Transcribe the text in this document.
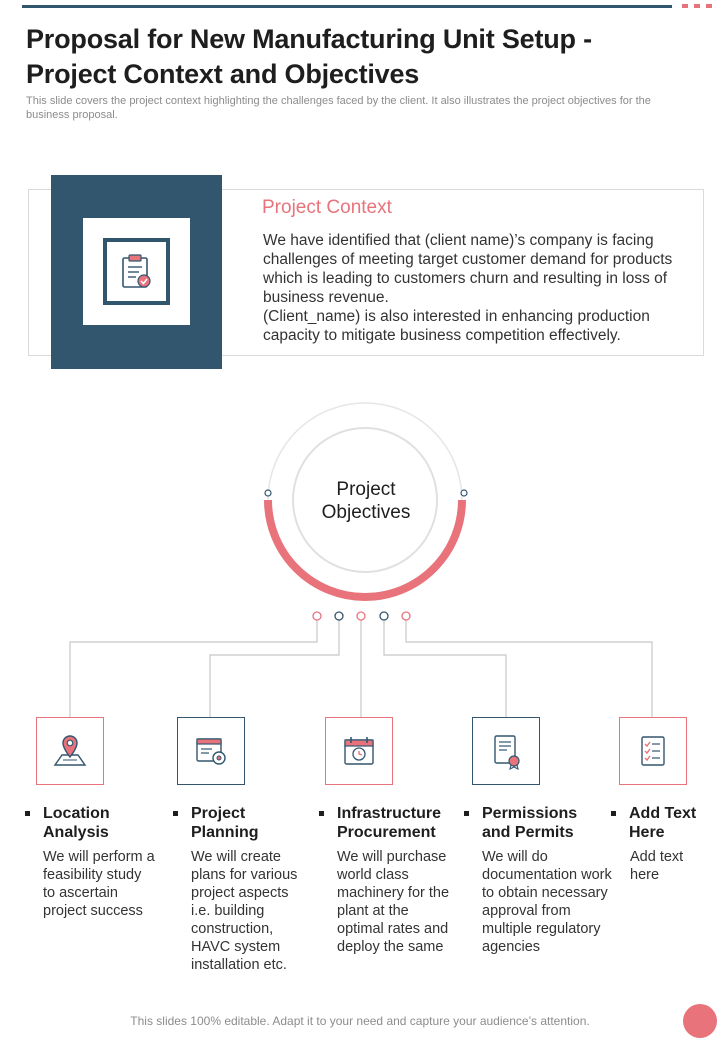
Proposal for New Manufacturing Unit Setup - Project Context and Objectives

This slide covers the project context highlighting the challenges faced by the client. It also illustrates the project objectives for the business proposal.

Project Context

We have identified that (client name)’s company is facing challenges of meeting target customer demand for products which is leading to customers churn and resulting in loss of business revenue.

(Client_name) is also interested in enhancing production capacity to mitigate business competition effectively.

Project
Objectives
Location
Analysis
We will perform a feasibility study to ascertain project success
Project
Planning
We will create plans for various project aspects i.e. building construction, HAVC system installation etc.
Infrastructure
Procurement
We will purchase world class machinery for the plant at the optimal rates and deploy the same
Permissions
and Permits
We will do documentation work to obtain necessary approval from multiple regulatory agencies
Add Text
Here
Add text here
This slides 100% editable. Adapt it to your need and capture your audience’s attention.
